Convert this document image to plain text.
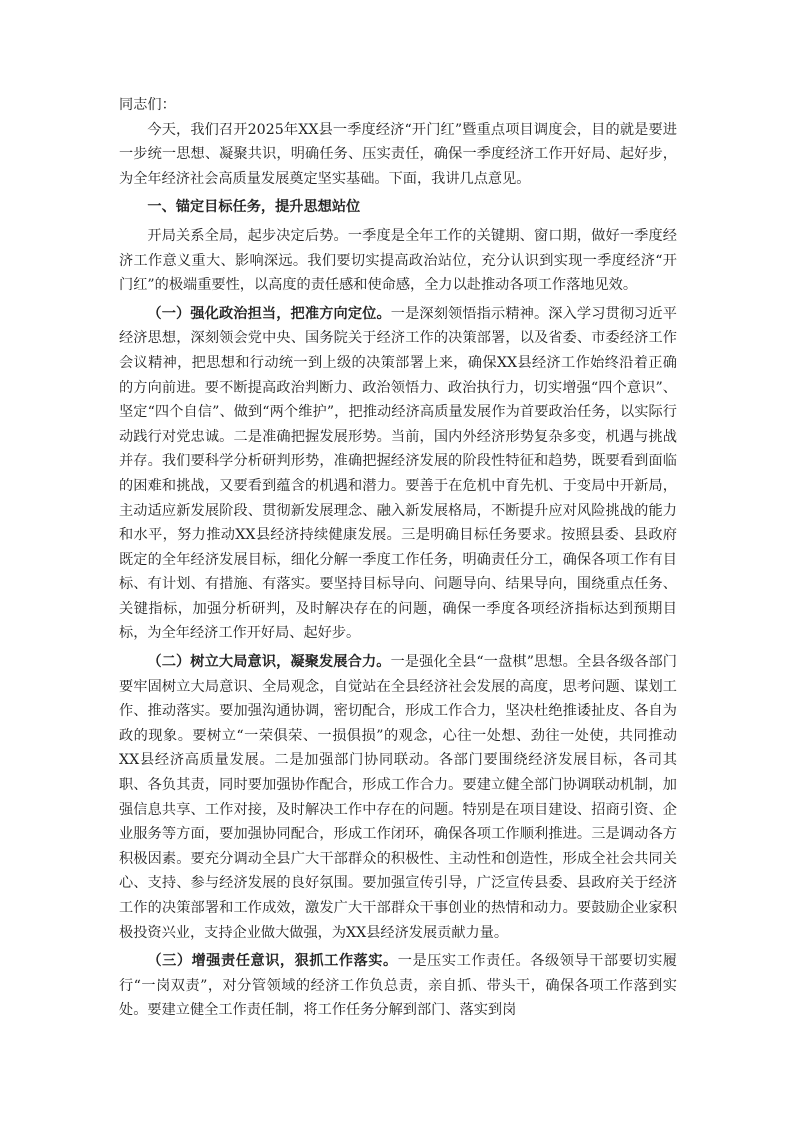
同志们：

今天，我们召开2025年XX县一季度经济“开门红”暨重点项目调度会，目的就是要进一步统一思想、凝聚共识，明确任务、压实责任，确保一季度经济工作开好局、起好步，为全年经济社会高质量发展奠定坚实基础。下面，我讲几点意见。

一、锚定目标任务，提升思想站位

开局关系全局，起步决定后势。一季度是全年工作的关键期、窗口期，做好一季度经济工作意义重大、影响深远。我们要切实提高政治站位，充分认识到实现一季度经济“开门红”的极端重要性，以高度的责任感和使命感，全力以赴推动各项工作落地见效。

（一）强化政治担当，把准方向定位。一是深刻领悟指示精神。深入学习贯彻习近平经济思想，深刻领会党中央、国务院关于经济工作的决策部署，以及省委、市委经济工作会议精神，把思想和行动统一到上级的决策部署上来，确保XX县经济工作始终沿着正确的方向前进。要不断提高政治判断力、政治领悟力、政治执行力，切实增强“四个意识”、坚定“四个自信”、做到“两个维护”，把推动经济高质量发展作为首要政治任务，以实际行动践行对党忠诚。二是准确把握发展形势。当前，国内外经济形势复杂多变，机遇与挑战并存。我们要科学分析研判形势，准确把握经济发展的阶段性特征和趋势，既要看到面临的困难和挑战，又要看到蕴含的机遇和潜力。要善于在危机中育先机、于变局中开新局，主动适应新发展阶段、贯彻新发展理念、融入新发展格局，不断提升应对风险挑战的能力和水平，努力推动XX县经济持续健康发展。三是明确目标任务要求。按照县委、县政府既定的全年经济发展目标，细化分解一季度工作任务，明确责任分工，确保各项工作有目标、有计划、有措施、有落实。要坚持目标导向、问题导向、结果导向，围绕重点任务、关键指标，加强分析研判，及时解决存在的问题，确保一季度各项经济指标达到预期目标，为全年经济工作开好局、起好步。

（二）树立大局意识，凝聚发展合力。一是强化全县“一盘棋”思想。全县各级各部门要牢固树立大局意识、全局观念，自觉站在全县经济社会发展的高度，思考问题、谋划工作、推动落实。要加强沟通协调，密切配合，形成工作合力，坚决杜绝推诿扯皮、各自为政的现象。要树立“一荣俱荣、一损俱损”的观念，心往一处想、劲往一处使，共同推动XX县经济高质量发展。二是加强部门协同联动。各部门要围绕经济发展目标，各司其职、各负其责，同时要加强协作配合，形成工作合力。要建立健全部门协调联动机制，加强信息共享、工作对接，及时解决工作中存在的问题。特别是在项目建设、招商引资、企业服务等方面，要加强协同配合，形成工作闭环，确保各项工作顺利推进。三是调动各方积极因素。要充分调动全县广大干部群众的积极性、主动性和创造性，形成全社会共同关心、支持、参与经济发展的良好氛围。要加强宣传引导，广泛宣传县委、县政府关于经济工作的决策部署和工作成效，激发广大干部群众干事创业的热情和动力。要鼓励企业家积极投资兴业，支持企业做大做强，为XX县经济发展贡献力量。

（三）增强责任意识，狠抓工作落实。一是压实工作责任。各级领导干部要切实履行“一岗双责”，对分管领域的经济工作负总责，亲自抓、带头干，确保各项工作落到实处。要建立健全工作责任制，将工作任务分解到部门、落实到岗
